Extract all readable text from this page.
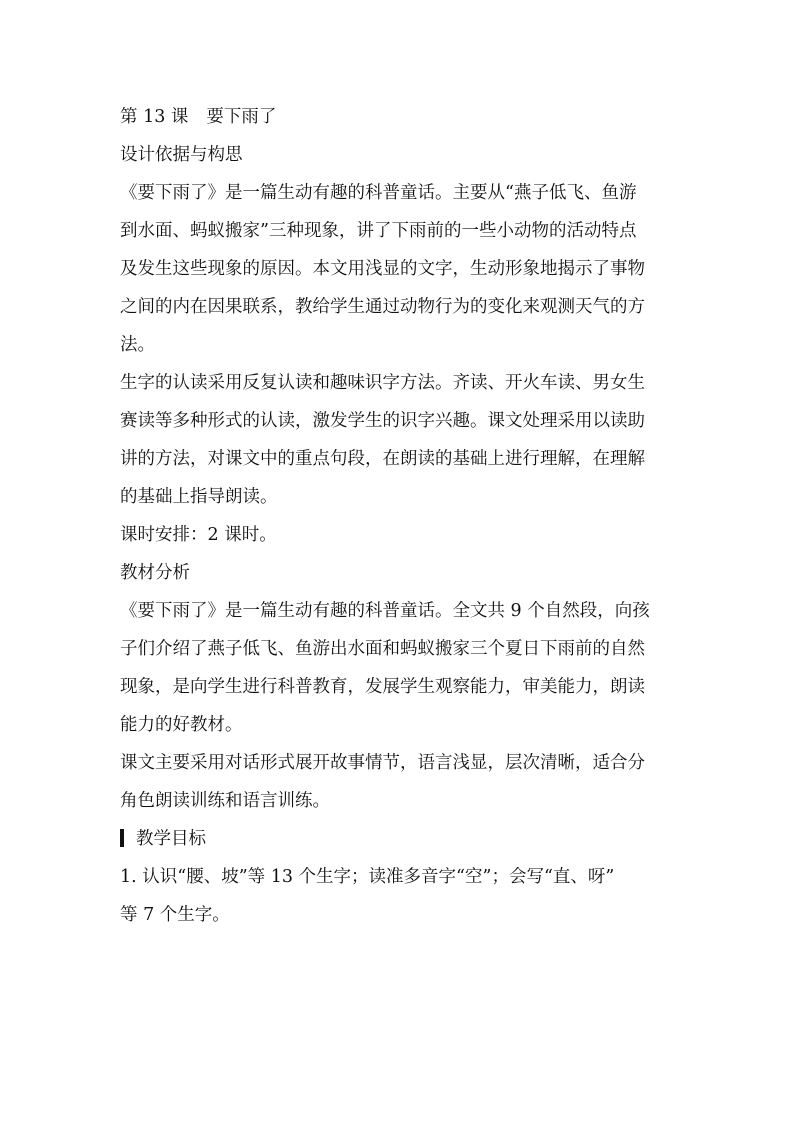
第 13 课 要下雨了
设计依据与构思
《要下雨了》是一篇生动有趣的科普童话。主要从“燕子低飞、鱼游
到水面、蚂蚁搬家”三种现象，讲了下雨前的一些小动物的活动特点
及发生这些现象的原因。本文用浅显的文字，生动形象地揭示了事物
之间的内在因果联系，教给学生通过动物行为的变化来观测天气的方
法。
生字的认读采用反复认读和趣味识字方法。齐读、开火车读、男女生
赛读等多种形式的认读，激发学生的识字兴趣。课文处理采用以读助
讲的方法，对课文中的重点句段，在朗读的基础上进行理解，在理解
的基础上指导朗读。
课时安排：2 课时。
教材分析
《要下雨了》是一篇生动有趣的科普童话。全文共 9 个自然段，向孩
子们介绍了燕子低飞、鱼游出水面和蚂蚁搬家三个夏日下雨前的自然
现象，是向学生进行科普教育，发展学生观察能力，审美能力，朗读
能力的好教材。
课文主要采用对话形式展开故事情节，语言浅显，层次清晰，适合分
角色朗读训练和语言训练。
教学目标
1. 认识“腰、坡”等 13 个生字；读准多音字“空”；会写“直、呀”
等 7 个生字。
